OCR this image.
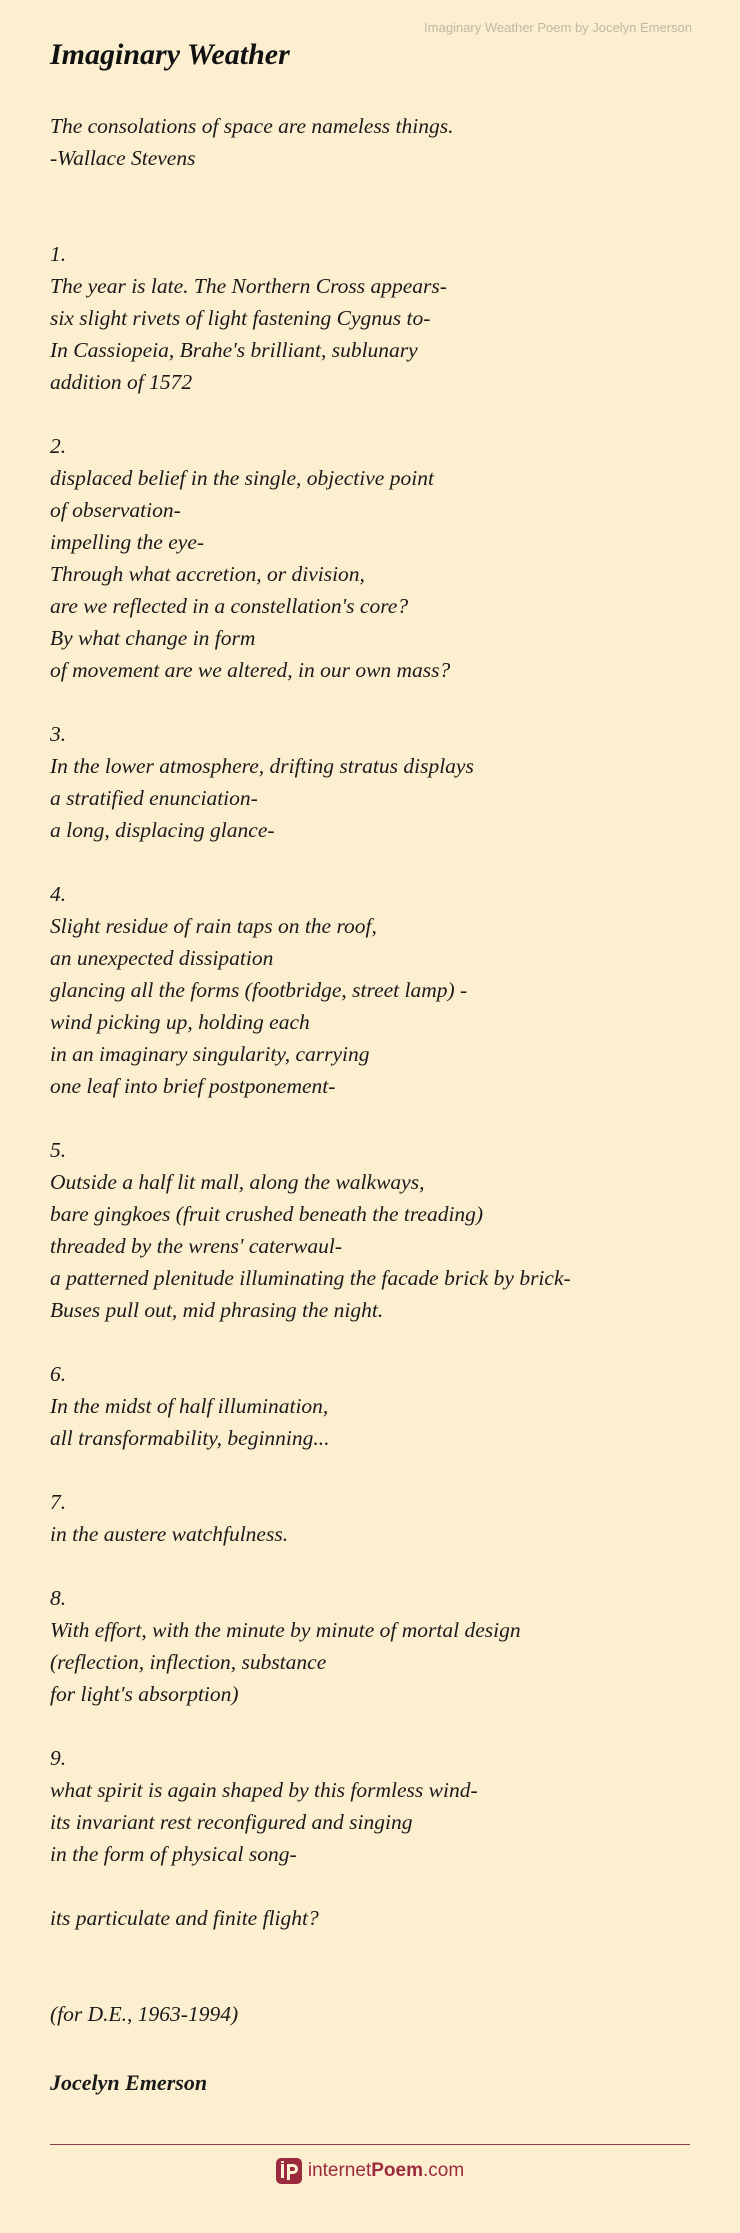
Imaginary Weather Poem by Jocelyn Emerson
Imaginary Weather
The consolations of space are nameless things.
-Wallace Stevens
1.
The year is late. The Northern Cross appears-
six slight rivets of light fastening Cygnus to-
In Cassiopeia, Brahe's brilliant, sublunary
addition of 1572
2.
displaced belief in the single, objective point
of observation-
impelling the eye-
Through what accretion, or division,
are we reflected in a constellation's core?
By what change in form
of movement are we altered, in our own mass?
3.
In the lower atmosphere, drifting stratus displays
a stratified enunciation-
a long, displacing glance-
4.
Slight residue of rain taps on the roof,
an unexpected dissipation
glancing all the forms (footbridge, street lamp) -
wind picking up, holding each
in an imaginary singularity, carrying
one leaf into brief postponement-
5.
Outside a half lit mall, along the walkways,
bare gingkoes (fruit crushed beneath the treading)
threaded by the wrens' caterwaul-
a patterned plenitude illuminating the facade brick by brick-
Buses pull out, mid phrasing the night.
6.
In the midst of half illumination,
all transformability, beginning...
7.
in the austere watchfulness.
8.
With effort, with the minute by minute of mortal design
(reflection, inflection, substance
for light's absorption)
9.
what spirit is again shaped by this formless wind-
its invariant rest reconfigured and singing
in the form of physical song-
its particulate and finite flight?
(for D.E., 1963-1994)
Jocelyn Emerson
internetPoem.com
